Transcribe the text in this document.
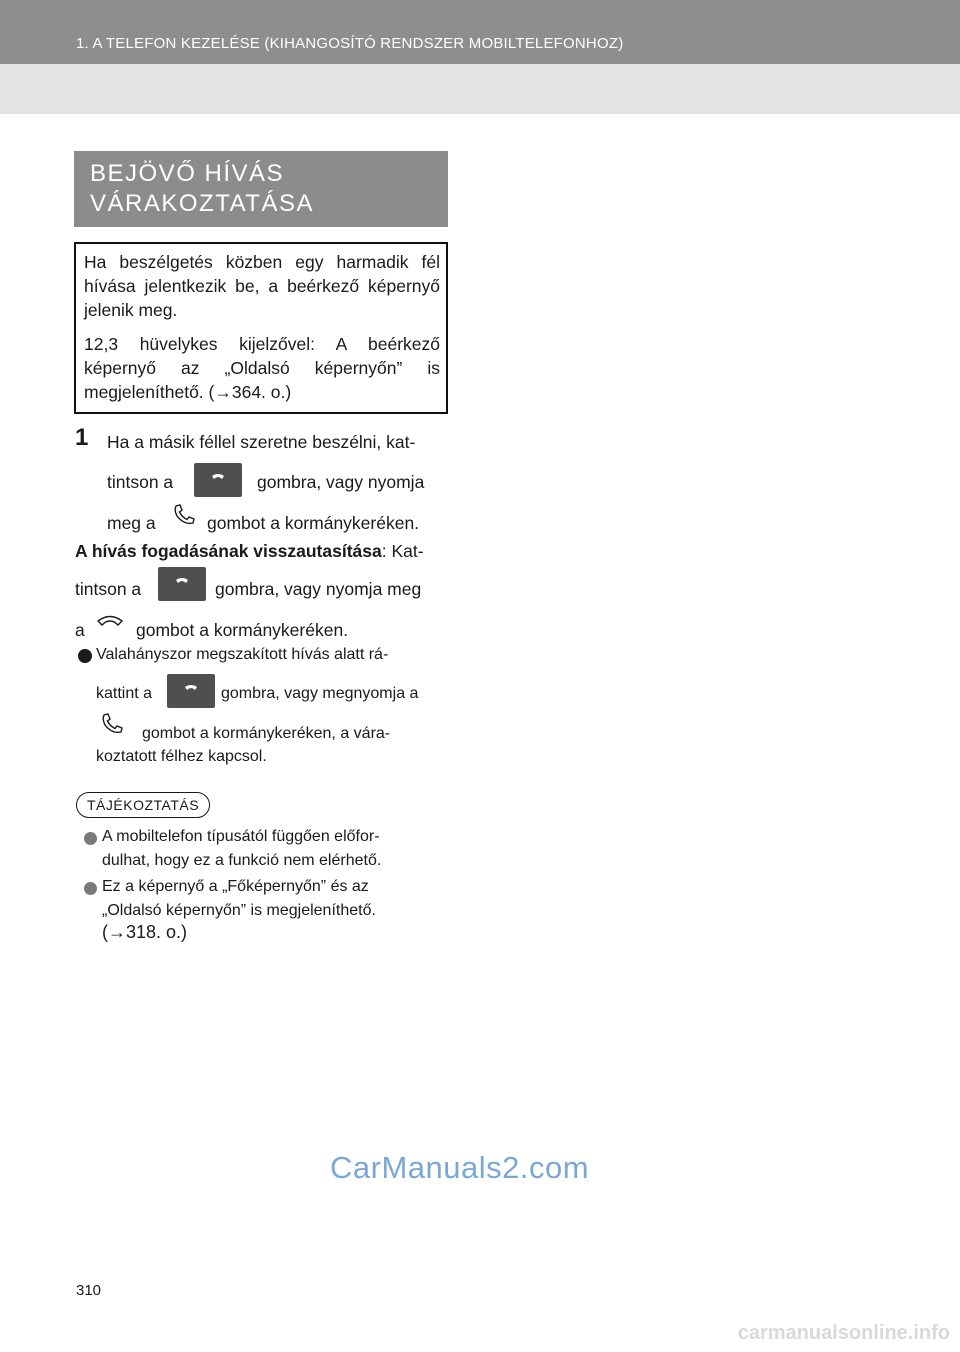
1. A TELEFON KEZELÉSE (KIHANGOSÍTÓ RENDSZER MOBILTELEFONHOZ)
BEJÖVŐ HÍVÁS
VÁRAKOZTATÁSA
Ha beszélgetés közben egy harmadik fél hívása jelentkezik be, a beérkező képernyő jelenik meg.
12,3 hüvelykes kijelzővel: A beérkező képernyő az „Oldalsó képernyőn” is megjeleníthető. (→364. o.)
1 Ha a másik féllel szeretne beszélni, kat-
tintson a	gombra, vagy nyomja
meg a	gombot a kormánykeréken.
A hívás fogadásának visszautasítása: Kat-
tintson a	gombra, vagy nyomja meg
a	gombot a kormánykeréken.
Valahányszor megszakított hívás alatt rá-
kattint a	gombra, vagy megnyomja a
gombot a kormánykeréken, a vára-
koztatott félhez kapcsol.
TÁJÉKOZTATÁS
A mobiltelefon típusától függően előfor-
dulhat, hogy ez a funkció nem elérhető.
Ez a képernyő a „Főképernyőn” és az
„Oldalsó képernyőn” is megjeleníthető.
(→318. o.)
CarManuals2.com
310
carmanualsonline.info
